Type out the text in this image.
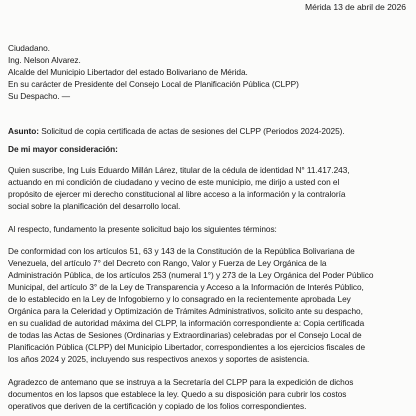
Mérida 13 de abril de 2026
Ciudadano.
Ing. Nelson Alvarez.
Alcalde del Municipio Libertador del estado Bolivariano de Mérida.
En su carácter de Presidente del Consejo Local de Planificación Pública (CLPP)
Su Despacho. —
Asunto: Solicitud de copia certificada de actas de sesiones del CLPP (Periodos 2024-2025).
De mi mayor consideración:
Quien suscribe, Ing Luis Eduardo Millán Lárez, titular de la cédula de identidad N° 11.417.243,
actuando en mi condición de ciudadano y vecino de este municipio, me dirijo a usted con el
propósito de ejercer mi derecho constitucional al libre acceso a la información y la contraloría
social sobre la planificación del desarrollo local.
Al respecto, fundamento la presente solicitud bajo los siguientes términos:
De conformidad con los artículos 51, 63 y 143 de la Constitución de la República Bolivariana de
Venezuela, del artículo 7° del Decreto con Rango, Valor y Fuerza de Ley Orgánica de la
Administración Pública, de los artículos 253 (numeral 1°) y 273 de la Ley Orgánica del Poder Público
Municipal, del artículo 3° de la Ley de Transparencia y Acceso a la Información de Interés Público,
de lo establecido en la Ley de Infogobierno y lo consagrado en la recientemente aprobada Ley
Orgánica para la Celeridad y Optimización de Trámites Administrativos, solicito ante su despacho,
en su cualidad de autoridad máxima del CLPP, la información correspondiente a: Copia certificada
de todas las Actas de Sesiones (Ordinarias y Extraordinarias) celebradas por el Consejo Local de
Planificación Pública (CLPP) del Municipio Libertador, correspondientes a los ejercicios fiscales de
los años 2024 y 2025, incluyendo sus respectivos anexos y soportes de asistencia.
Agradezco de antemano que se instruya a la Secretaría del CLPP para la expedición de dichos
documentos en los lapsos que establece la ley. Quedo a su disposición para cubrir los costos
operativos que deriven de la certificación y copiado de los folios correspondientes.
